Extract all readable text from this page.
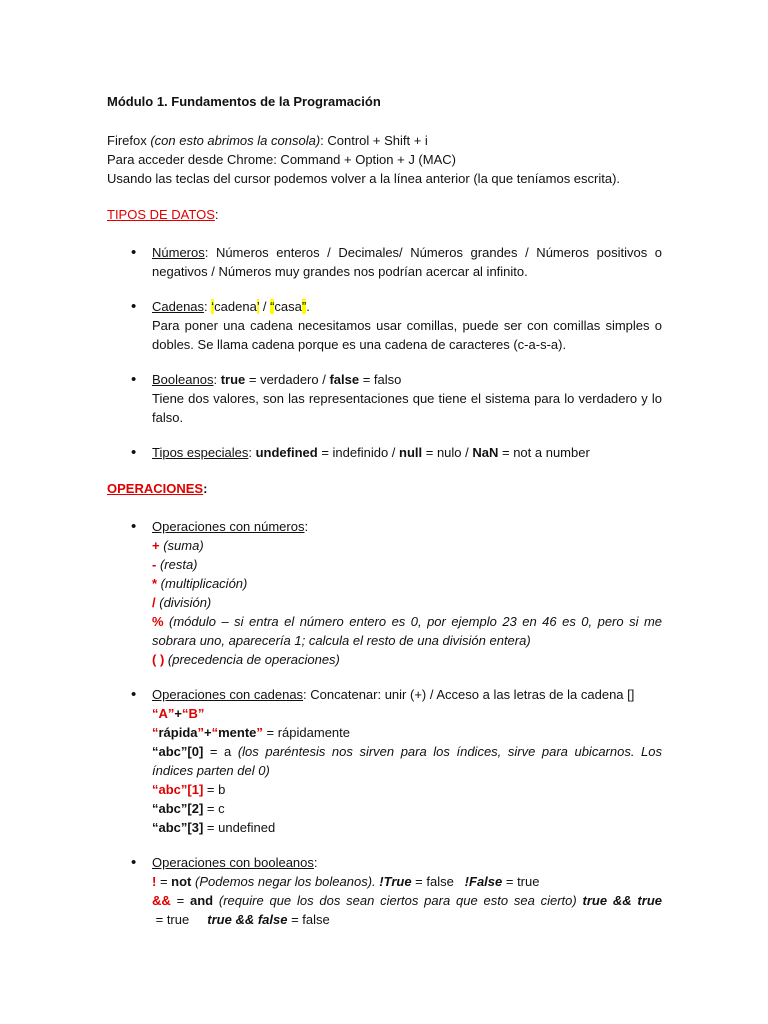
Módulo 1. Fundamentos de la Programación

Firefox (con esto abrimos la consola): Control + Shift + i

Para acceder desde Chrome: Command + Option + J (MAC)

Usando las teclas del cursor podemos volver a la línea anterior (la que teníamos escrita).

TIPOS DE DATOS:

• Números: Números enteros / Decimales/ Números grandes / Números positivos o negativos / Números muy grandes nos podrían acercar al infinito.

• Cadenas: ‘cadena’ / “casa”.

Para poner una cadena necesitamos usar comillas, puede ser con comillas simples o dobles. Se llama cadena porque es una cadena de caracteres (c-a-s-a).

• Booleanos: true = verdadero / false = falso

Tiene dos valores, son las representaciones que tiene el sistema para lo verdadero y lo falso.

• Tipos especiales: undefined = indefinido / null = nulo / NaN = not a number

OPERACIONES:

• Operaciones con números:

+ (suma)

- (resta)

* (multiplicación)

/ (división)

% (módulo – si entra el número entero es 0, por ejemplo 23 en 46 es 0, pero si me sobrara uno, aparecería 1; calcula el resto de una división entera)

( ) (precedencia de operaciones)

• Operaciones con cadenas: Concatenar: unir (+) / Acceso a las letras de la cadena []

“A”+“B”

“rápida”+“mente” = rápidamente

“abc”[0] = a (los paréntesis nos sirven para los índices, sirve para ubicarnos. Los índices parten del 0)

“abc”[1] = b

“abc”[2] = c

“abc”[3] = undefined

• Operaciones con booleanos:

! = not (Podemos negar los boleanos). !True = false   !False = true

&& = and (require que los dos sean ciertos para que esto sea cierto) true && true = true     true && false = false
